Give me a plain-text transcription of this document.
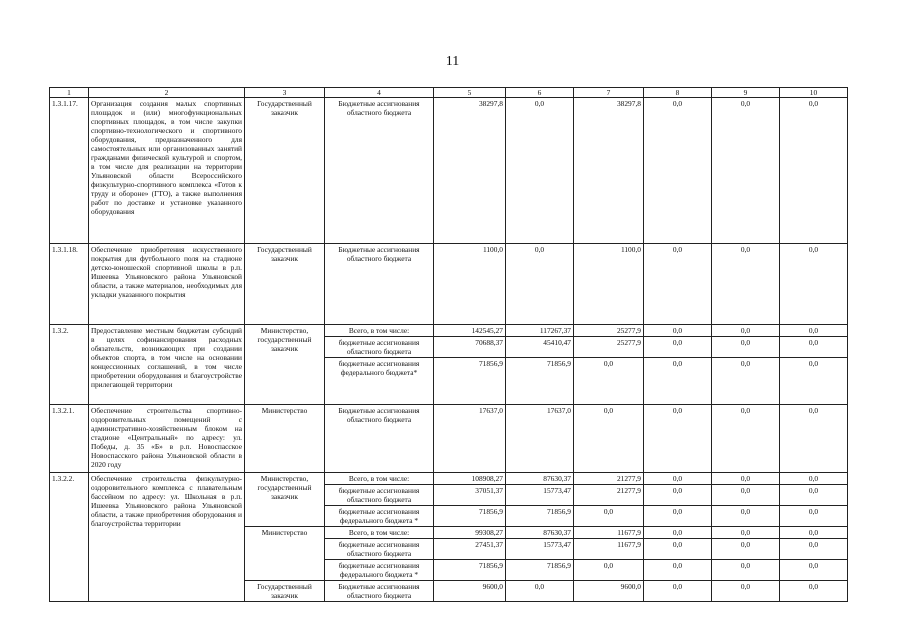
11
1	2	3	4	5	6	7	8	9	10
1.3.1.17.	Организация создания малых спортивных площадок и (или) многофункциональных спортивных площадок, в том числе закупки спортивно-технологического и спортивного оборудования, предназначенного для самостоятельных или организованных занятий гражданами физической культурой и спортом, в том числе для реализации на территории Ульяновской области Всероссийского физкультурно-спортивного комплекса «Готов к труду и обороне» (ГТО), а также выполнения работ по доставке и установке указанного оборудования	Государственный заказчик	Бюджетные ассигнования областного бюджета	38297,8	0,0	38297,8	0,0	0,0	0,0
1.3.1.18.	Обеспечение приобретения искусственного покрытия для футбольного поля на стадионе детско-юношеской спортивной школы в р.п. Ишеевка Ульяновского района Ульяновской области, а также материалов, необходимых для укладки указанного покрытия	Государственный заказчик	Бюджетные ассигнования областного бюджета	1100,0	0,0	1100,0	0,0	0,0	0,0
1.3.2.	Предоставление местным бюджетам субсидий в целях софинансирования расходных обязательств, возникающих при создании объектов спорта, в том числе на основании концессионных соглашений, в том числе приобретении оборудования и благоустройстве прилегающей территории	Министерство, государственный заказчик	Всего, в том числе:	142545,27	117267,37	25277,9	0,0	0,0	0,0
			бюджетные ассигнования областного бюджета	70688,37	45410,47	25277,9	0,0	0,0	0,0
			бюджетные ассигнования федерального бюджета*	71856,9	71856,9	0,0	0,0	0,0	0,0
1.3.2.1.	Обеспечение строительства спортивно-оздоровительных помещений с административно-хозяйственным блоком на стадионе «Центральный» по адресу: ул. Победы, д. 35 «Б» в р.п. Новоспасское Новоспасского района Ульяновской области в 2020 году	Министерство	Бюджетные ассигнования областного бюджета	17637,0	17637,0	0,0	0,0	0,0	0,0
1.3.2.2.	Обеспечение строительства физкультурно-оздоровительного комплекса с плавательным бассейном по адресу: ул. Школьная в р.п. Ишеевка Ульяновского района Ульяновской области, а также приобретения оборудования и благоустройства территории	Министерство, государственный заказчик	Всего, в том числе:	108908,27	87630,37	21277,9	0,0	0,0	0,0
			бюджетные ассигнования областного бюджета	37051,37	15773,47	21277,9	0,0	0,0	0,0
			бюджетные ассигнования федерального бюджета *	71856,9	71856,9	0,0	0,0	0,0	0,0
		Министерство	Всего, в том числе:	99308,27	87630,37	11677,9	0,0	0,0	0,0
			бюджетные ассигнования областного бюджета	27451,37	15773,47	11677,9	0,0	0,0	0,0
			бюджетные ассигнования федерального бюджета *	71856,9	71856,9	0,0	0,0	0,0	0,0
		Государственный заказчик	Бюджетные ассигнования областного бюджета	9600,0	0,0	9600,0	0,0	0,0	0,0
